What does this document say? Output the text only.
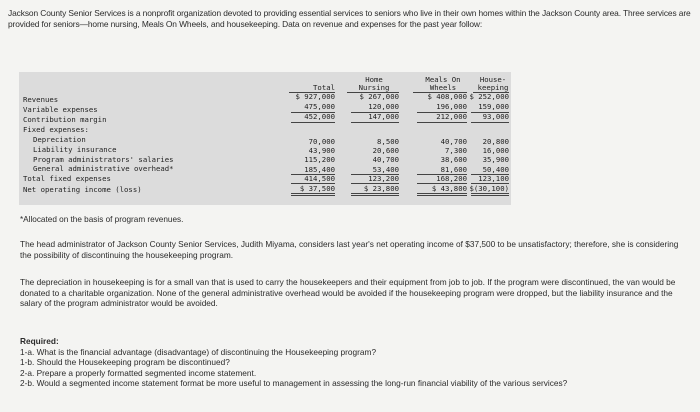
Jackson County Senior Services is a nonprofit organization devoted to providing essential services to seniors who live in their own homes within the Jackson County area. Three services are provided for seniors—home nursing, Meals On Wheels, and housekeeping. Data on revenue and expenses for the past year follow:
Home	Meals On	House-
Total	Nursing	Wheels	keeping
Revenues	$ 927,000	$ 267,000	$ 408,000 $ 252,000
Variable expenses	475,000	120,000	196,000	159,000
Contribution margin	452,000	147,000	212,000	93,000
Fixed expenses:
Depreciation	70,000	8,500	40,700	20,800
Liability insurance	43,900	20,600	7,300	16,000
Program administrators' salaries	115,200	40,700	38,600	35,900
General administrative overhead*	185,400	53,400	81,600	50,400
Total fixed expenses	414,500	123,200	168,200	123,100
Net operating income (loss)	$ 37,500	$ 23,800	$ 43,800 $(30,100)
*Allocated on the basis of program revenues.
The head administrator of Jackson County Senior Services, Judith Miyama, considers last year's net operating income of $37,500 to be unsatisfactory; therefore, she is considering the possibility of discontinuing the housekeeping program.
The depreciation in housekeeping is for a small van that is used to carry the housekeepers and their equipment from job to job. If the program were discontinued, the van would be donated to a charitable organization. None of the general administrative overhead would be avoided if the housekeeping program were dropped, but the liability insurance and the salary of the program administrator would be avoided.
Required:
1-a. What is the financial advantage (disadvantage) of discontinuing the Housekeeping program?
1-b. Should the Housekeeping program be discontinued?
2-a. Prepare a properly formatted segmented income statement.
2-b. Would a segmented income statement format be more useful to management in assessing the long-run financial viability of the various services?
